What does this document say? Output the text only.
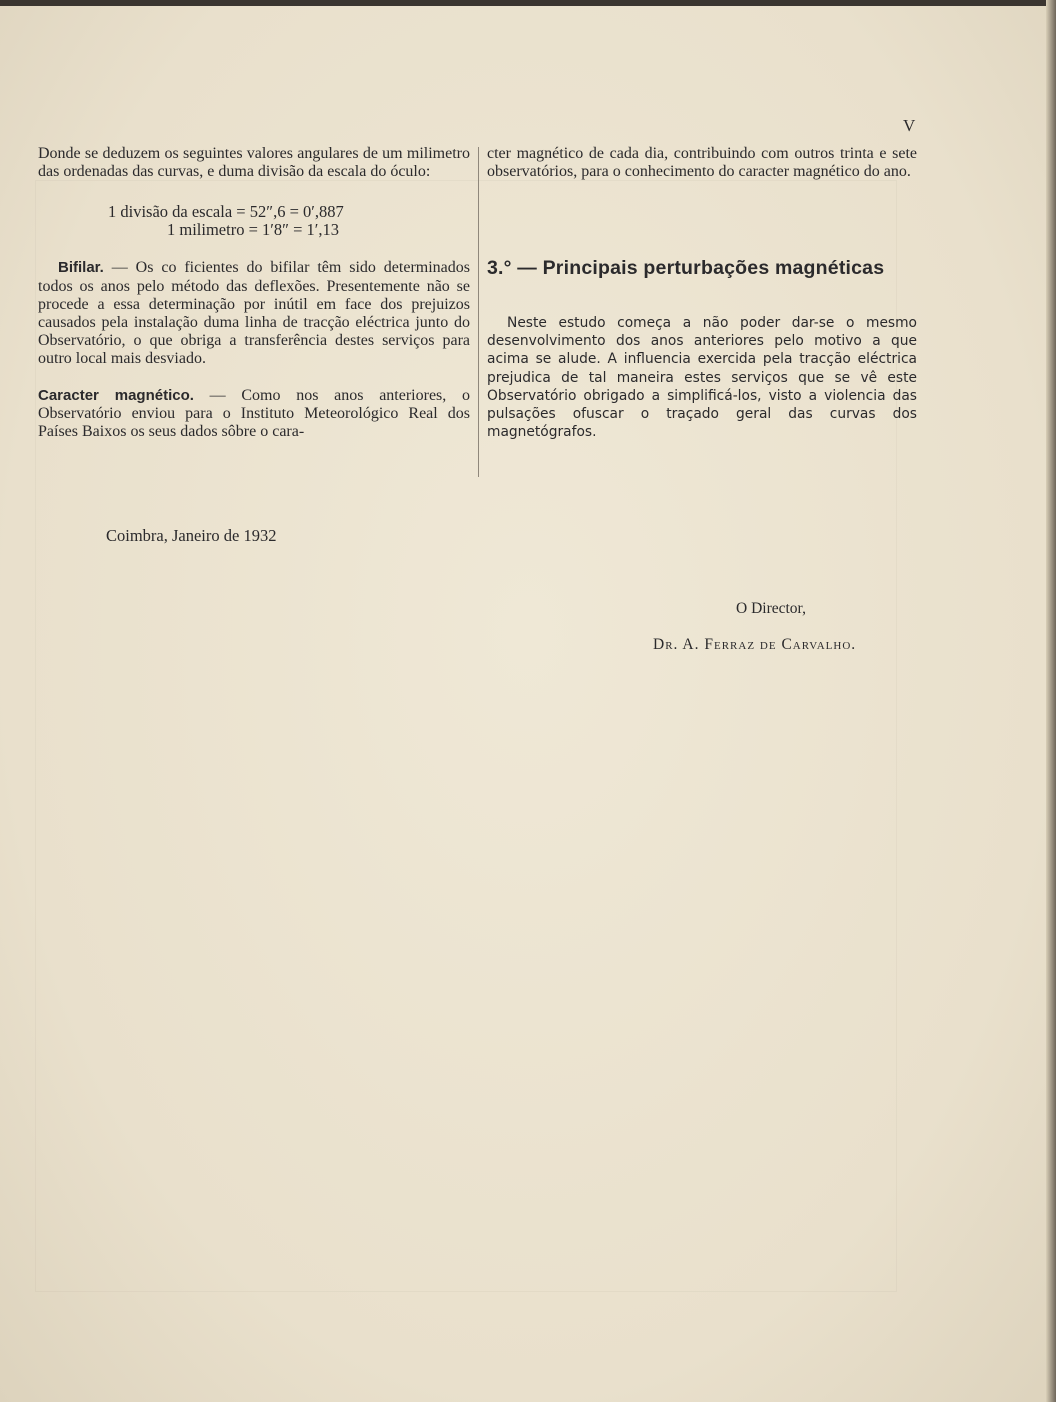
V

Donde se deduzem os seguintes valores angulares de um milimetro das ordenadas das curvas, e duma divisão da escala do óculo:

1 divisão da escala = 52″,6 = 0′,887
1 milimetro = 1′8″ = 1′,13

Bifilar. — Os co ficientes do bifilar têm sido determinados todos os anos pelo método das deflexões. Presentemente não se procede a essa determinação por inútil em face dos prejuizos causados pela instalação duma linha de tracção eléctrica junto do Observatório, o que obriga a transferência destes serviços para outro local mais desviado.

Caracter magnético. — Como nos anos anteriores, o Observatório enviou para o Instituto Meteorológico Real dos Países Baixos os seus dados sôbre o cara-

cter magnético de cada dia, contribuindo com outros trinta e sete observatórios, para o conhecimento do caracter magnético do ano.

3.° — Principais perturbações magnéticas

Neste estudo começa a não poder dar-se o mesmo desenvolvimento dos anos anteriores pelo motivo a que acima se alude. A influencia exercida pela tracção eléctrica prejudica de tal maneira estes serviços que se vê este Observatório obrigado a simplificá-los, visto a violencia das pulsações ofuscar o traçado geral das curvas dos magnetógrafos.

Coimbra, Janeiro de 1932
O Director,
Dr. A. Ferraz de Carvalho.
